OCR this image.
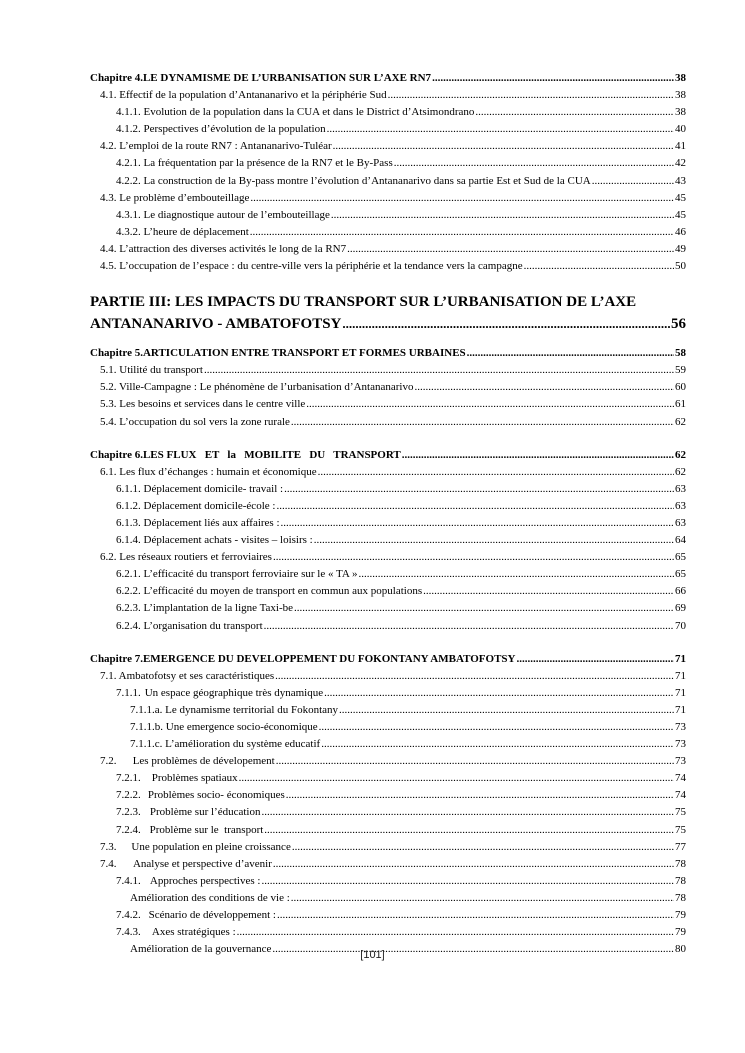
Chapitre 4. LE DYNAMISME DE L’URBANISATION SUR L’AXE RN7 .....	38
4.1. Effectif de la population d’Antananarivo et la périphérie Sud .....	38
4.1.1. Evolution de la population dans la CUA et dans le District d’Atsimondrano .....	38
4.1.2. Perspectives d’évolution de la population .....	40
4.2. L’emploi de la route RN7 : Antananarivo-Tuléar .....	41
4.2.1. La fréquentation par la présence de la RN7 et le By-Pass .....	42
4.2.2. La construction de la By-pass montre l’évolution d’Antananarivo dans sa partie Est et Sud de la CUA .....	43
4.3. Le problème d’embouteillage .....	45
4.3.1. Le diagnostique autour de l’embouteillage .....	45
4.3.2. L’heure de déplacement .....	46
4.4. L’attraction des diverses activités le long de la RN7 .....	49
4.5. L’occupation de l’espace : du centre-ville vers la périphérie et la tendance vers la campagne .....	50
PARTIE III: LES IMPACTS DU TRANSPORT SUR L’URBANISATION DE L’AXE
ANTANANARIVO - AMBATOFOTSY .....	56
Chapitre 5. ARTICULATION ENTRE TRANSPORT ET FORMES URBAINES .....	58
5.1. Utilité du transport .....	59
5.2. Ville-Campagne : Le phénomène de l’urbanisation d’Antananarivo .....	60
5.3. Les besoins et services dans le centre ville .....	61
5.4. L’occupation du sol vers la zone rurale .....	62
Chapitre 6. LES FLUX   ET   la   MOBILITE   DU   TRANSPORT .....	62
6.1. Les flux d’échanges : humain et économique .....	62
6.1.1. Déplacement domicile- travail : .....	63
6.1.2. Déplacement domicile-école : .....	63
6.1.3. Déplacement liés aux affaires : .....	63
6.1.4. Déplacement achats - visites – loisirs : .....	64
6.2. Les réseaux routiers et ferroviaires .....	65
6.2.1. L’efficacité du transport ferroviaire sur le « TA » .....	65
6.2.2. L’efficacité du moyen de transport en commun aux populations .....	66
6.2.3. L’implantation de la ligne Taxi-be .....	69
6.2.4. L’organisation du transport .....	70
Chapitre 7. EMERGENCE DU DEVELOPPEMENT DU FOKONTANY AMBATOFOTSY .....	71
7.1. Ambatofotsy et ses caractéristiques .....	71
7.1.1. Un espace géographique très dynamique .....	71
7.1.1.a. Le dynamisme territorial du Fokontany .....	71
7.1.1.b. Une emergence socio-économique .....	73
7.1.1.c. L’amélioration du système educatif .....	73
7.2.	Les problèmes de dévelopement .....	73
7.2.1.	Problèmes spatiaux .....	74
7.2.2. Problèmes socio- économiques .....	74
7.2.3. Problème sur l’éducation .....	75
7.2.4. Problème sur le  transport .....	75
7.3.	Une population en pleine croissance .....	77
7.4.	Analyse et perspective d’avenir .....	78
7.4.1. Approches perspectives : .....	78
Amélioration des conditions de vie : .....	78
7.4.2. Scénario de développement : .....	79
7.4.3.	Axes stratégiques : .....	79
Amélioration de la gouvernance .....	80
[101]
